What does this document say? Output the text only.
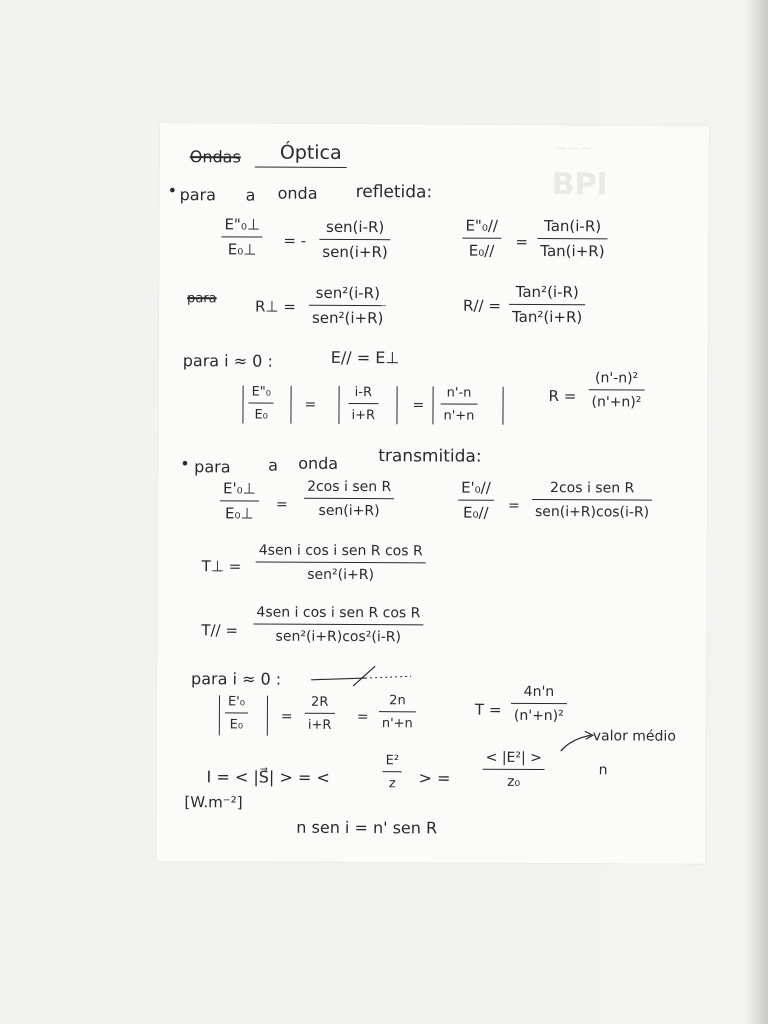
BPI
~~~
Ondas Óptica
• para a onda refletida:
E"₀⊥
E₀⊥ = -
sen(i-R)
sen(i+R)
E"₀//
E₀//
=
Tan(i-R)
Tan(i+R)
para	R⊥ =
sen²(i-R)
sen²(i+R)
R// =
Tan²(i-R)
Tan²(i+R)
para i ≈ 0 :	E// = E⊥
E"₀
E₀
=
i-R
i+R
=
n'-n
n'+n
R =
(n'-n)²
(n'+n)²
• para a onda transmitida:
E'₀⊥
E₀⊥ =
2cos i sen R
sen(i+R)
E'₀//
E₀// =
2cos i sen R
sen(i+R)cos(i-R)
T⊥ =
4sen i cos i sen R cos R
sen²(i+R)
T// =
4sen i cos i sen R cos R
sen²(i+R)cos²(i-R)
para i ≈ 0 :
E'₀
E₀
=
2R
i+R
=
2n
n'+n
T =
4n'n
(n'+n)²
I = < |S⃗| > = <
E²
z > =
< |E²| >
z₀
n
valor médio
[W.m⁻²]
n sen i = n' sen R
